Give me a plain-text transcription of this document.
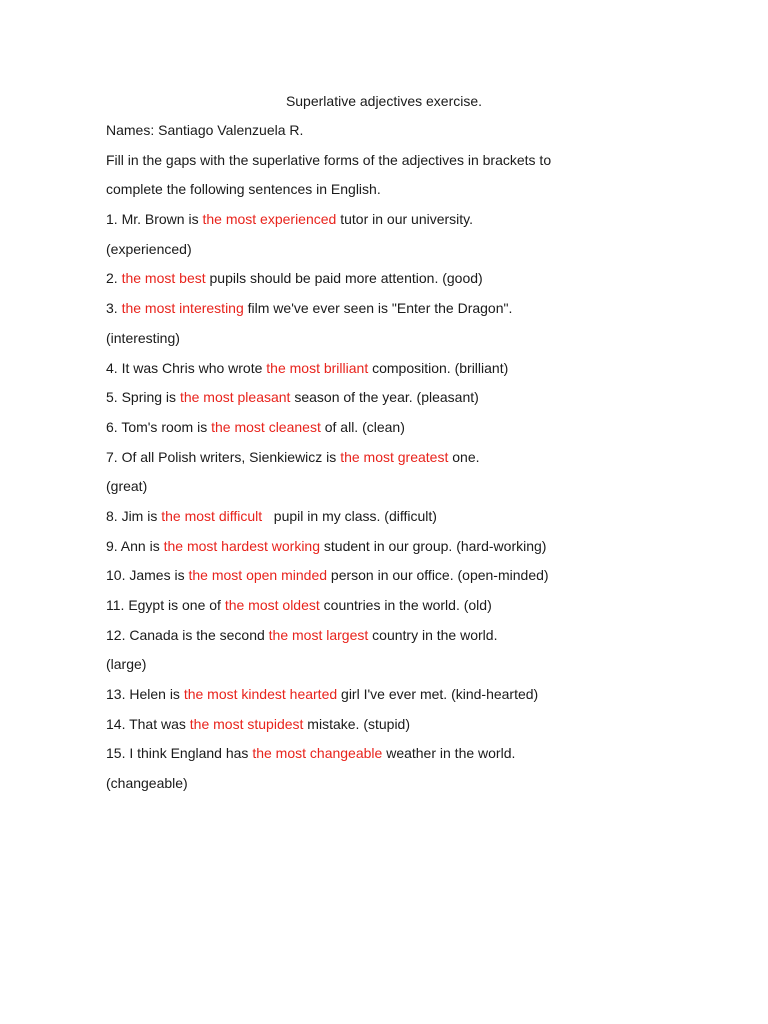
Superlative adjectives exercise.
Names: Santiago Valenzuela R.
Fill in the gaps with the superlative forms of the adjectives in brackets to
complete the following sentences in English.
1. Mr. Brown is the most experienced tutor in our university.
(experienced)
2. the most best pupils should be paid more attention. (good)
3. the most interesting film we've ever seen is "Enter the Dragon".
(interesting)
4. It was Chris who wrote the most brilliant composition. (brilliant)
5. Spring is the most pleasant season of the year. (pleasant)
6. Tom's room is the most cleanest of all. (clean)
7. Of all Polish writers, Sienkiewicz is the most greatest one.
(great)
8. Jim is the most difficult   pupil in my class. (difficult)
9. Ann is the most hardest working student in our group. (hard-working)
10. James is the most open minded person in our office. (open-minded)
11. Egypt is one of the most oldest countries in the world. (old)
12. Canada is the second the most largest country in the world.
(large)
13. Helen is the most kindest hearted girl I've ever met. (kind-hearted)
14. That was the most stupidest mistake. (stupid)
15. I think England has the most changeable weather in the world.
(changeable)
